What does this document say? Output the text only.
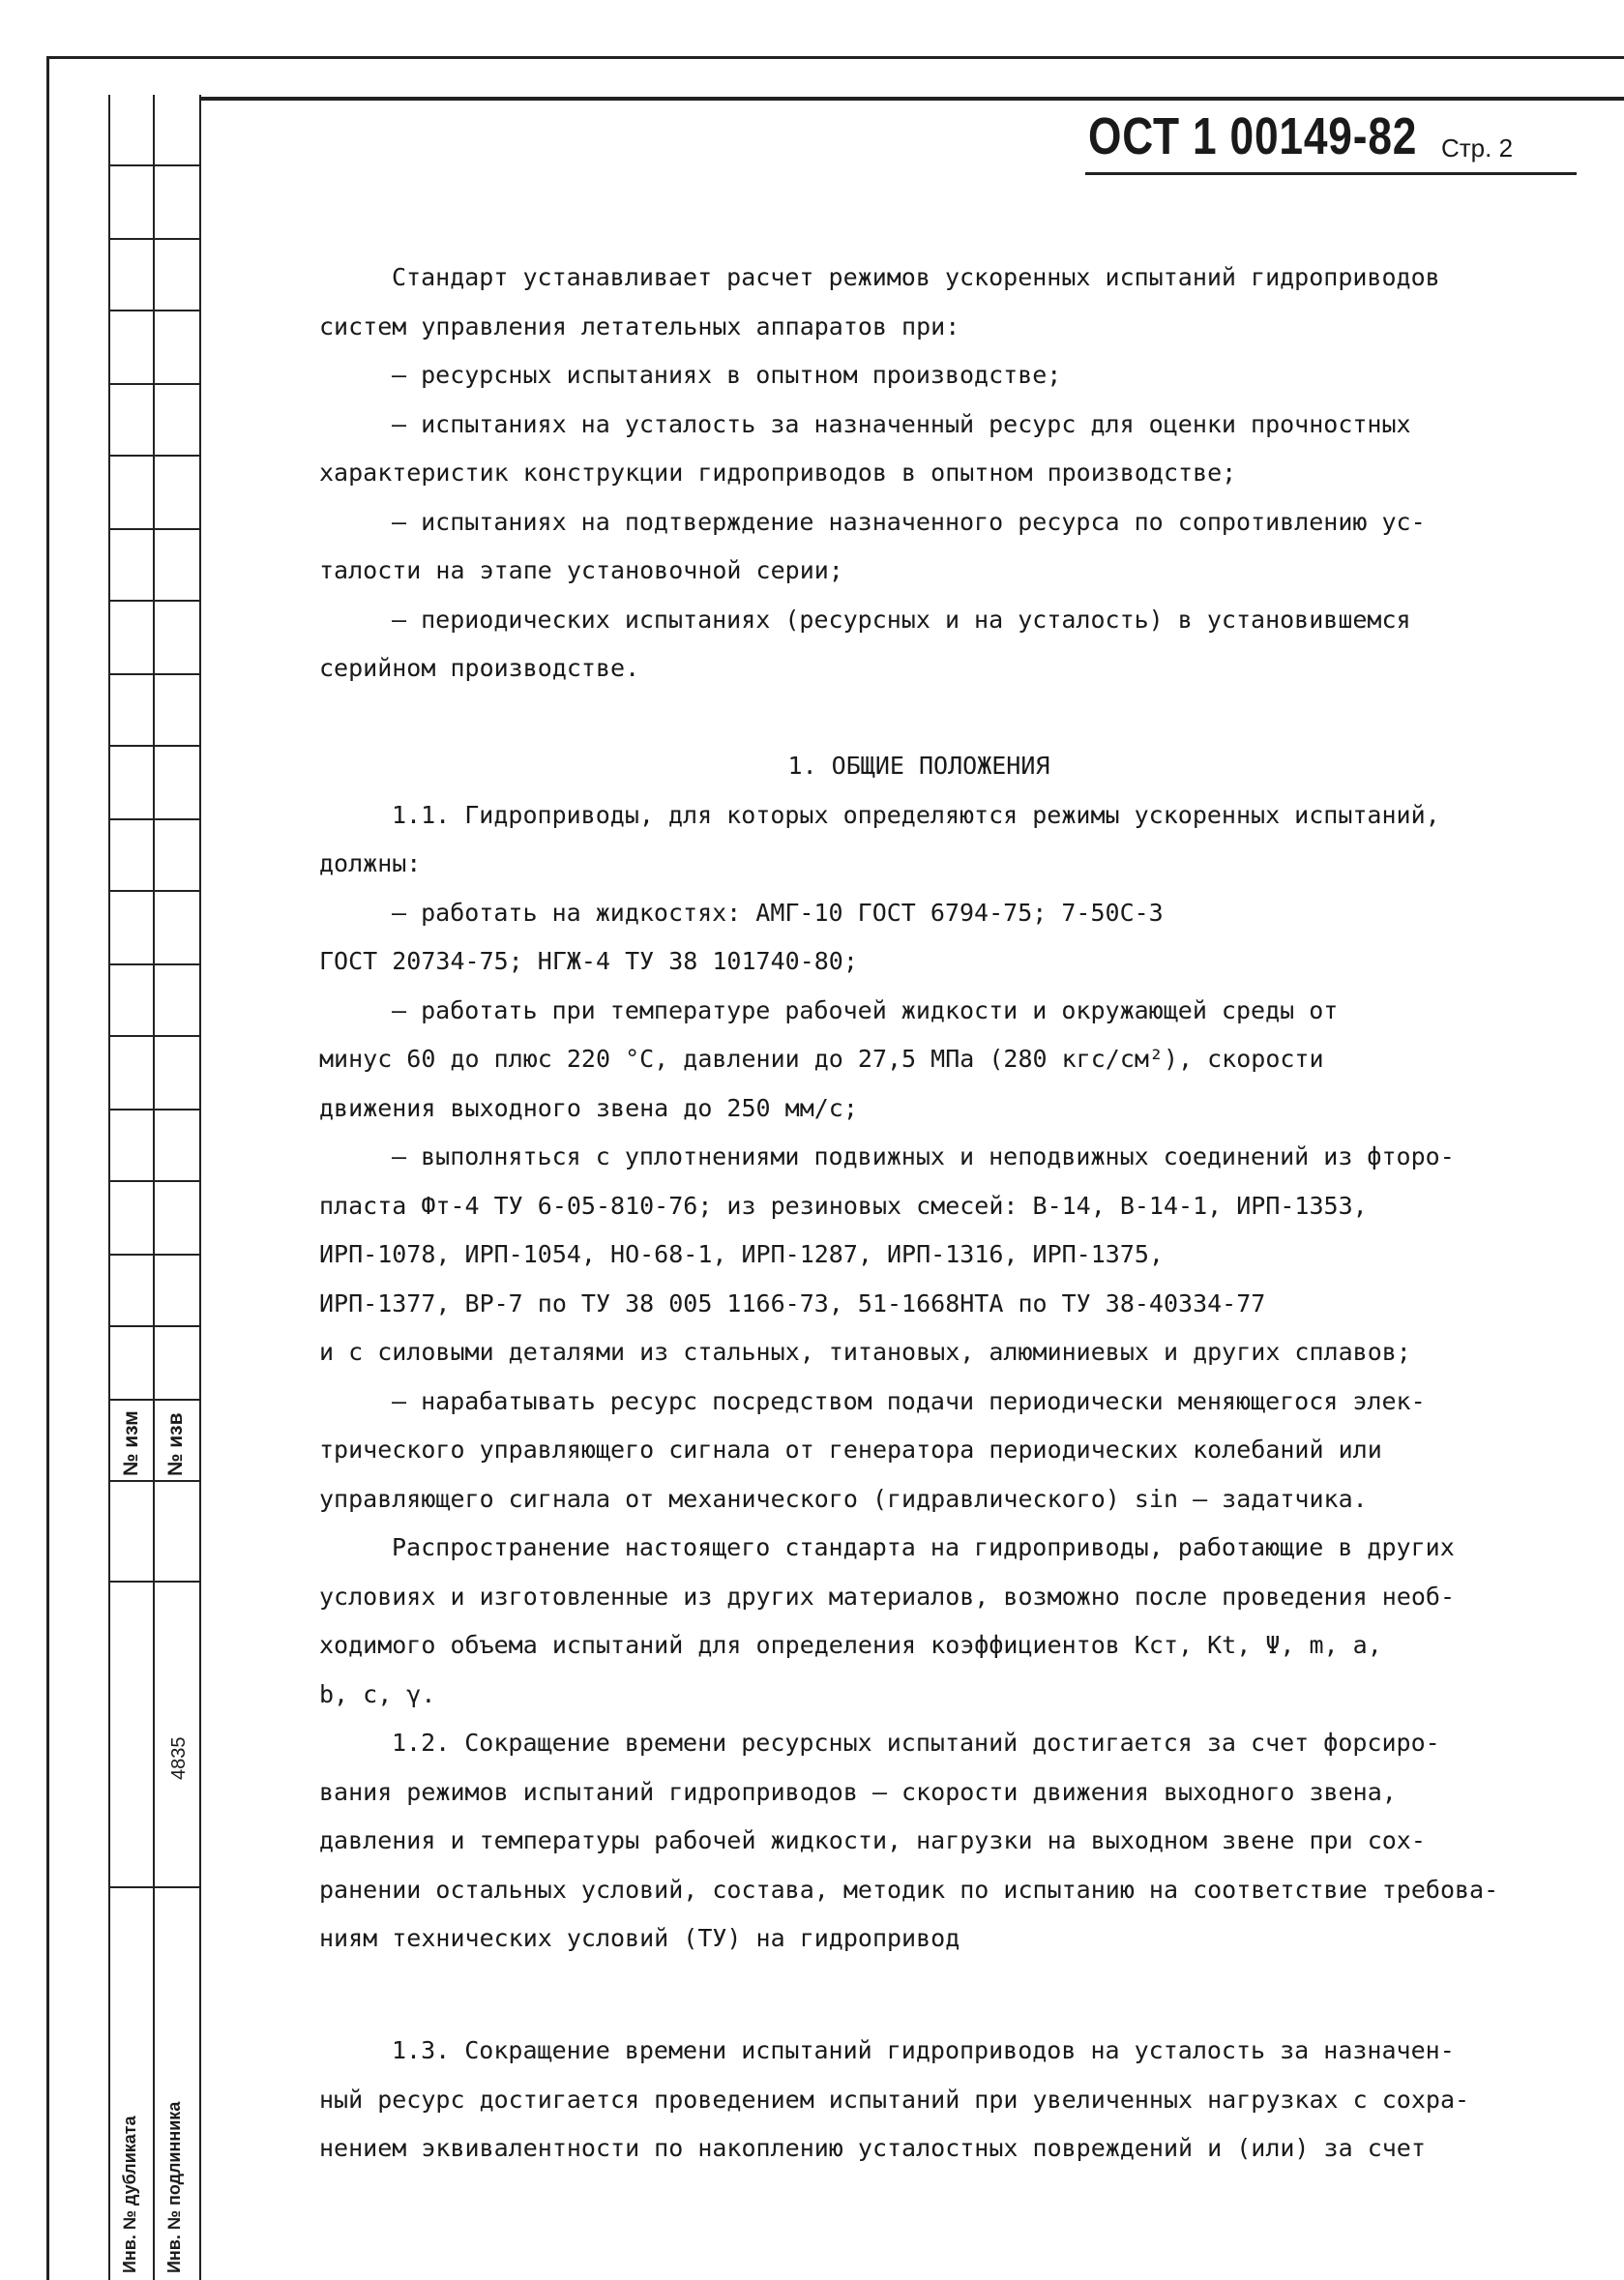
№ изм № изв
4835
Инв. № дубликата Инв. № подлинника
ОСТ 1 00149-82 Стр. 2
Стандарт устанавливает расчет режимов ускоренных испытаний гидроприводов
систем управления летательных аппаратов при:
– ресурсных испытаниях в опытном производстве;
– испытаниях на усталость за назначенный ресурс для оценки прочностных
характеристик конструкции гидроприводов в опытном производстве;
– испытаниях на подтверждение назначенного ресурса по сопротивлению ус-
талости на этапе установочной серии;
– периодических испытаниях (ресурсных и на усталость) в установившемся
серийном производстве.
1. ОБЩИЕ ПОЛОЖЕНИЯ
1.1. Гидроприводы, для которых определяются режимы ускоренных испытаний,
должны:
– работать на жидкостях: АМГ-10 ГОСТ 6794-75; 7-50С-3
ГОСТ 20734-75; НГЖ-4 ТУ 38 101740-80;
– работать при температуре рабочей жидкости и окружающей среды от
минус 60 до плюс 220 °С, давлении до 27,5 МПа (280 кгс/см²), скорости
движения выходного звена до 250 мм/с;
– выполняться с уплотнениями подвижных и неподвижных соединений из фторо-
пласта Фт-4 ТУ 6-05-810-76; из резиновых смесей: В-14, В-14-1, ИРП-1353,
ИРП-1078, ИРП-1054, НО-68-1, ИРП-1287, ИРП-1316, ИРП-1375,
ИРП-1377, ВР-7 по ТУ 38 005 1166-73, 51-1668НТА по ТУ 38-40334-77
и с силовыми деталями из стальных, титановых, алюминиевых и других сплавов;
– нарабатывать ресурс посредством подачи периодически меняющегося элек-
трического управляющего сигнала от генератора периодических колебаний или
управляющего сигнала от механического (гидравлического) sin – задатчика.
Распространение настоящего стандарта на гидроприводы, работающие в других
условиях и изготовленные из других материалов, возможно после проведения необ-
ходимого объема испытаний для определения коэффициентов Kст, Kt, Ψ, m, a,
b, c, γ.
1.2. Сокращение времени ресурсных испытаний достигается за счет форсиро-
вания режимов испытаний гидроприводов – скорости движения выходного звена,
давления и температуры рабочей жидкости, нагрузки на выходном звене при сох-
ранении остальных условий, состава, методик по испытанию на соответствие требова-
ниям технических условий (ТУ) на гидропривод
1.3. Сокращение времени испытаний гидроприводов на усталость за назначен-
ный ресурс достигается проведением испытаний при увеличенных нагрузках с сохра-
нением эквивалентности по накоплению усталостных повреждений и (или) за счет
